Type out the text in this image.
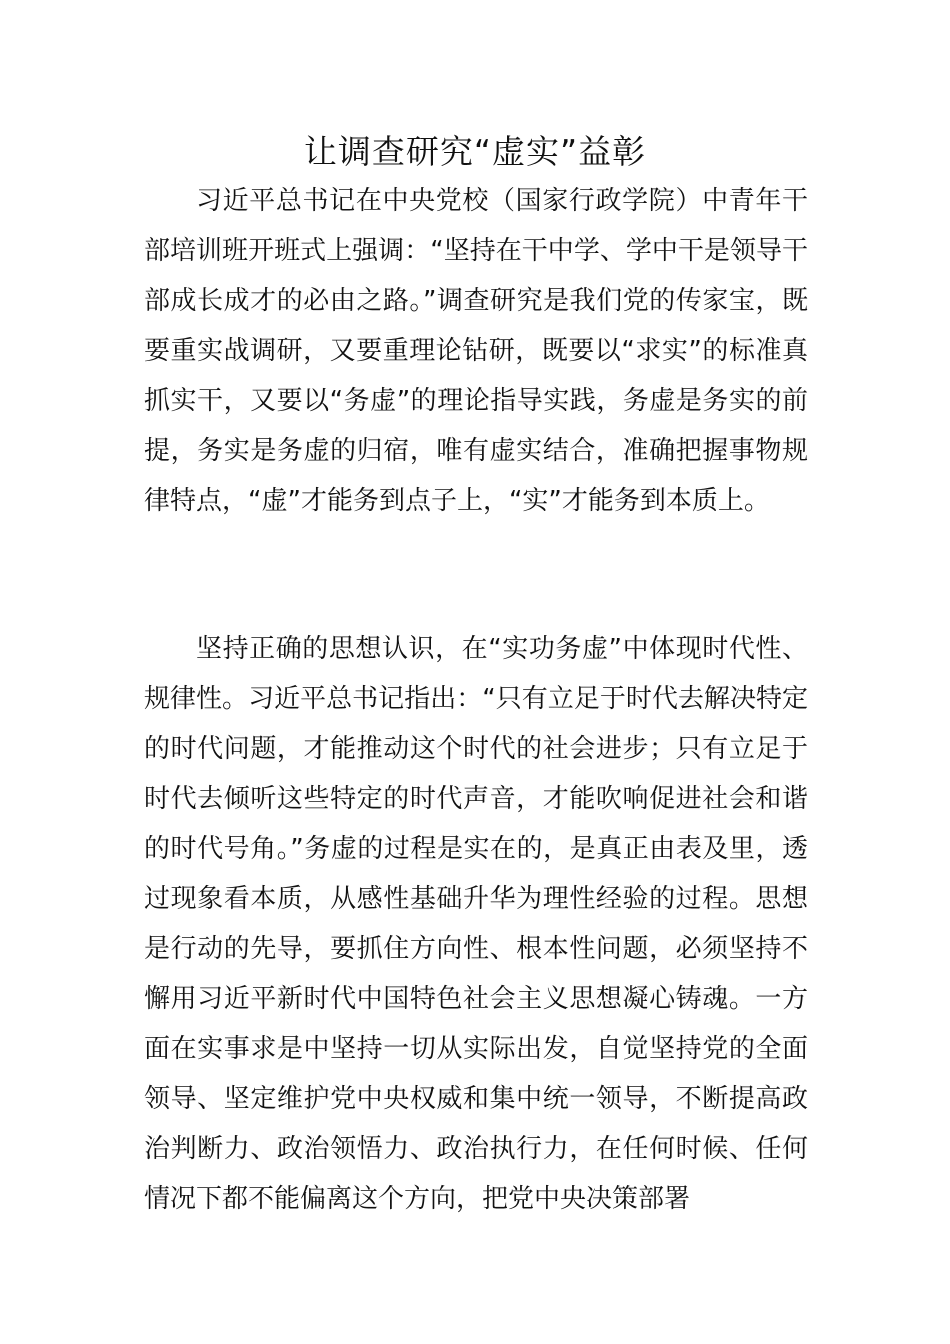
让调查研究“虚实”益彰

习近平总书记在中央党校（国家行政学院）中青年干部培训班开班式上强调：“坚持在干中学、学中干是领导干部成长成才的必由之路。”调查研究是我们党的传家宝，既要重实战调研，又要重理论钻研，既要以“求实”的标准真抓实干，又要以“务虚”的理论指导实践，务虚是务实的前提，务实是务虚的归宿，唯有虚实结合，准确把握事物规律特点，“虚”才能务到点子上，“实”才能务到本质上。

坚持正确的思想认识，在“实功务虚”中体现时代性、规律性。习近平总书记指出：“只有立足于时代去解决特定的时代问题，才能推动这个时代的社会进步；只有立足于时代去倾听这些特定的时代声音，才能吹响促进社会和谐的时代号角。”务虚的过程是实在的，是真正由表及里，透过现象看本质，从感性基础升华为理性经验的过程。思想是行动的先导，要抓住方向性、根本性问题，必须坚持不懈用习近平新时代中国特色社会主义思想凝心铸魂。一方面在实事求是中坚持一切从实际出发，自觉坚持党的全面领导、坚定维护党中央权威和集中统一领导，不断提高政治判断力、政治领悟力、政治执行力，在任何时候、任何情况下都不能偏离这个方向，把党中央决策部署
